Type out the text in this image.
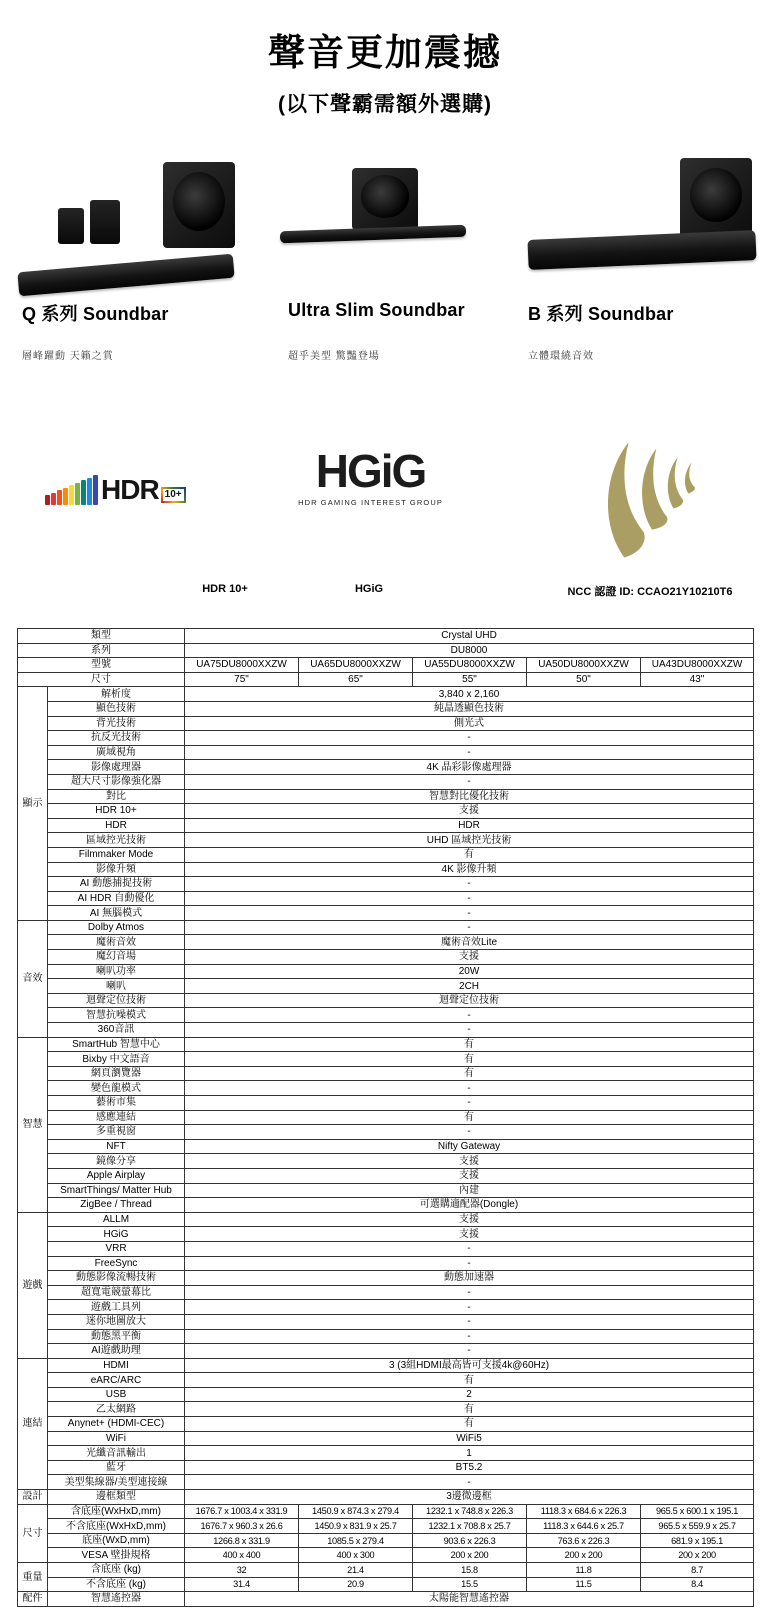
聲音更加震撼
(以下聲霸需額外選購)
Q 系列 Soundbar	Ultra Slim Soundbar	B 系列 Soundbar
層峰躍動 天籟之賞	超乎美型 驚豔登場	立體環繞音效
HDR 10+	HGiG
HDR GAMING INTEREST GROUP
HDR 10+	HGiG	NCC 認證 ID: CCAO21Y10210T6
類型		Crystal UHD				
系列		DU8000				
型號		UA75DU8000XXZW	UA65DU8000XXZW	UA55DU8000XXZW	UA50DU8000XXZW	UA43DU8000XXZW
尺寸		75"	65"	55"	50"	43"
顯示	解析度	3,840 x 2,160				
	顯色技術	純晶透顯色技術				
	背光技術	側光式				
	抗反光技術	-				
	廣域視角	-				
	影像處理器	4K 晶彩影像處理器				
	超大尺寸影像強化器	-				
	對比	智慧對比優化技術				
	HDR 10+	支援				
	HDR	HDR				
	區域控光技術	UHD 區域控光技術				
	Filmmaker Mode	有				
	影像升頻	4K 影像升頻				
	AI 動態捕捉技術	-				
	AI HDR 自動優化	-				
	AI 無腦模式	-				
音效	Dolby Atmos	-				
	魔術音效	魔術音效Lite				
	魔幻音場	支援				
	喇叭功率	20W				
	喇叭	2CH				
	迴聲定位技術	迴聲定位技術				
	智慧抗噪模式	-				
	360音訊	-				
智慧	SmartHub 智慧中心	有				
	Bixby 中文語音	有				
	網頁瀏覽器	有				
	變色龍模式	-				
	藝術市集	-				
	感應連結	有				
	多重視窗	-				
	NFT	Nifty Gateway				
	鏡像分享	支援				
	Apple Airplay	支援				
	SmartThings/ Matter Hub	內建				
	ZigBee / Thread	可選購適配器(Dongle)				
遊戲	ALLM	支援				
	HGiG	支援				
	VRR	-				
	FreeSync	-				
	動態影像流暢技術	動態加速器				
	超寬電競螢幕比	-				
	遊戲工具列	-				
	迷你地圖放大	-				
	動態黑平衡	-				
	AI遊戲助理	-				
連結	HDMI	3 (3組HDMI最高皆可支援4k@60Hz)				
	eARC/ARC	有				
	USB	2				
	乙太網路	有				
	Anynet+ (HDMI-CEC)	有				
	WiFi	WiFi5				
	光纖音訊輸出	1				
	藍牙	BT5.2				
	美型集線器/美型連接線	-				
設計	邊框類型	3邊微邊框				
尺寸	含底座(WxHxD,mm)	1676.7 x 1003.4 x 331.9	1450.9 x 874.3 x 279.4	1232.1 x 748.8 x 226.3	1118.3 x 684.6 x 226.3	965.5 x 600.1 x 195.1
	不含底座(WxHxD,mm)	1676.7 x 960.3 x 26.6	1450.9 x 831.9 x 25.7	1232.1 x 708.8 x 25.7	1118.3 x 644.6 x 25.7	965.5 x 559.9 x 25.7
	底座(WxD,mm)	1266.8 x 331.9	1085.5 x 279.4	903.6 x 226.3	763.6 x 226.3	681.9 x 195.1
	VESA 壁掛規格	400 x 400	400 x 300	200 x 200	200 x 200	200 x 200
重量	含底座 (kg)	32	21.4	15.8	11.8	8.7
	不含底座 (kg)	31.4	20.9	15.5	11.5	8.4
配件	智慧遙控器	太陽能智慧遙控器				
